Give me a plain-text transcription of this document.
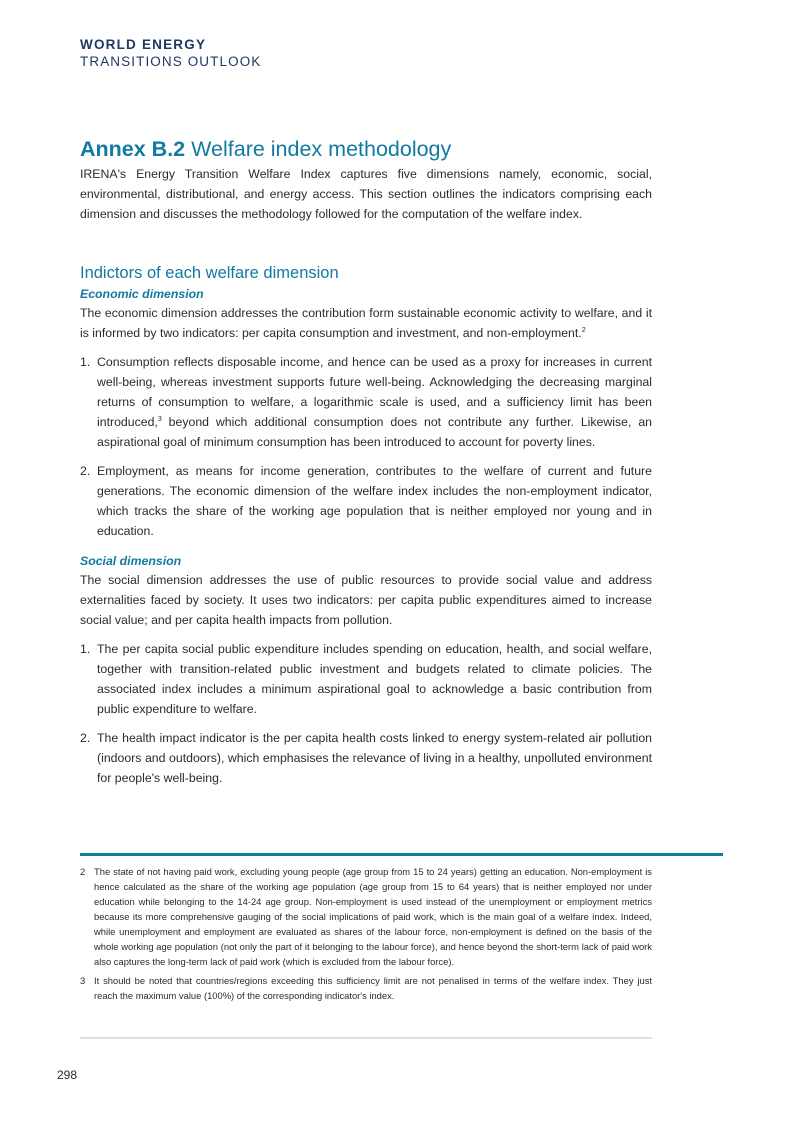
WORLD ENERGY
TRANSITIONS OUTLOOK
Annex B.2 Welfare index methodology

IRENA's Energy Transition Welfare Index captures five dimensions namely, economic, social, environmental, distributional, and energy access. This section outlines the indicators comprising each dimension and discusses the methodology followed for the computation of the welfare index.

Indictors of each welfare dimension
Economic dimension

The economic dimension addresses the contribution form sustainable economic activity to welfare, and it is informed by two indicators: per capita consumption and investment, and non-employment.$^2$

1. Consumption reflects disposable income, and hence can be used as a proxy for increases in current well-being, whereas investment supports future well-being. Acknowledging the decreasing marginal returns of consumption to welfare, a logarithmic scale is used, and a sufficiency limit has been introduced,$^3$ beyond which additional consumption does not contribute any further. Likewise, an aspirational goal of minimum consumption has been introduced to account for poverty lines.

2. Employment, as means for income generation, contributes to the welfare of current and future generations. The economic dimension of the welfare index includes the non-employment indicator, which tracks the share of the working age population that is neither employed nor young and in education.

Social dimension

The social dimension addresses the use of public resources to provide social value and address externalities faced by society. It uses two indicators: per capita public expenditures aimed to increase social value; and per capita health impacts from pollution.

1. The per capita social public expenditure includes spending on education, health, and social welfare, together with transition-related public investment and budgets related to climate policies. The associated index includes a minimum aspirational goal to acknowledge a basic contribution from public expenditure to welfare.

2. The health impact indicator is the per capita health costs linked to energy system-related air pollution (indoors and outdoors), which emphasises the relevance of living in a healthy, unpolluted environment for people's well-being.

2 The state of not having paid work, excluding young people (age group from 15 to 24 years) getting an education. Non-employment is hence calculated as the share of the working age population (age group from 15 to 64 years) that is neither employed nor under education while belonging to the 14-24 age group. Non-employment is used instead of the unemployment or employment metrics because its more comprehensive gauging of the social implications of paid work, which is the main goal of a welfare index. Indeed, while unemployment and employment are evaluated as shares of the labour force, non-employment is defined on the basis of the whole working age population (not only the part of it belonging to the labour force), and hence beyond the short-term lack of paid work also captures the long-term lack of paid work (which is excluded from the labour force).

3 It should be noted that countries/regions exceeding this sufficiency limit are not penalised in terms of the welfare index. They just reach the maximum value (100%) of the corresponding indicator's index.

298
